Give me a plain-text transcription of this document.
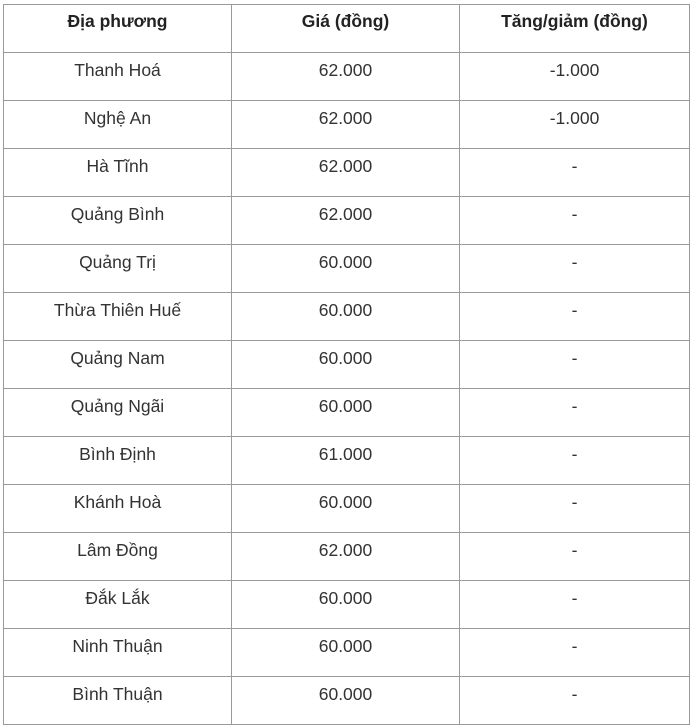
Địa phương	Giá (đồng)	Tăng/giảm (đồng)
Thanh Hoá	62.000	-1.000
Nghệ An	62.000	-1.000
Hà Tĩnh	62.000	-
Quảng Bình	62.000	-
Quảng Trị	60.000	-
Thừa Thiên Huế	60.000	-
Quảng Nam	60.000	-
Quảng Ngãi	60.000	-
Bình Định	61.000	-
Khánh Hoà	60.000	-
Lâm Đồng	62.000	-
Đắk Lắk	60.000	-
Ninh Thuận	60.000	-
Bình Thuận	60.000	-
